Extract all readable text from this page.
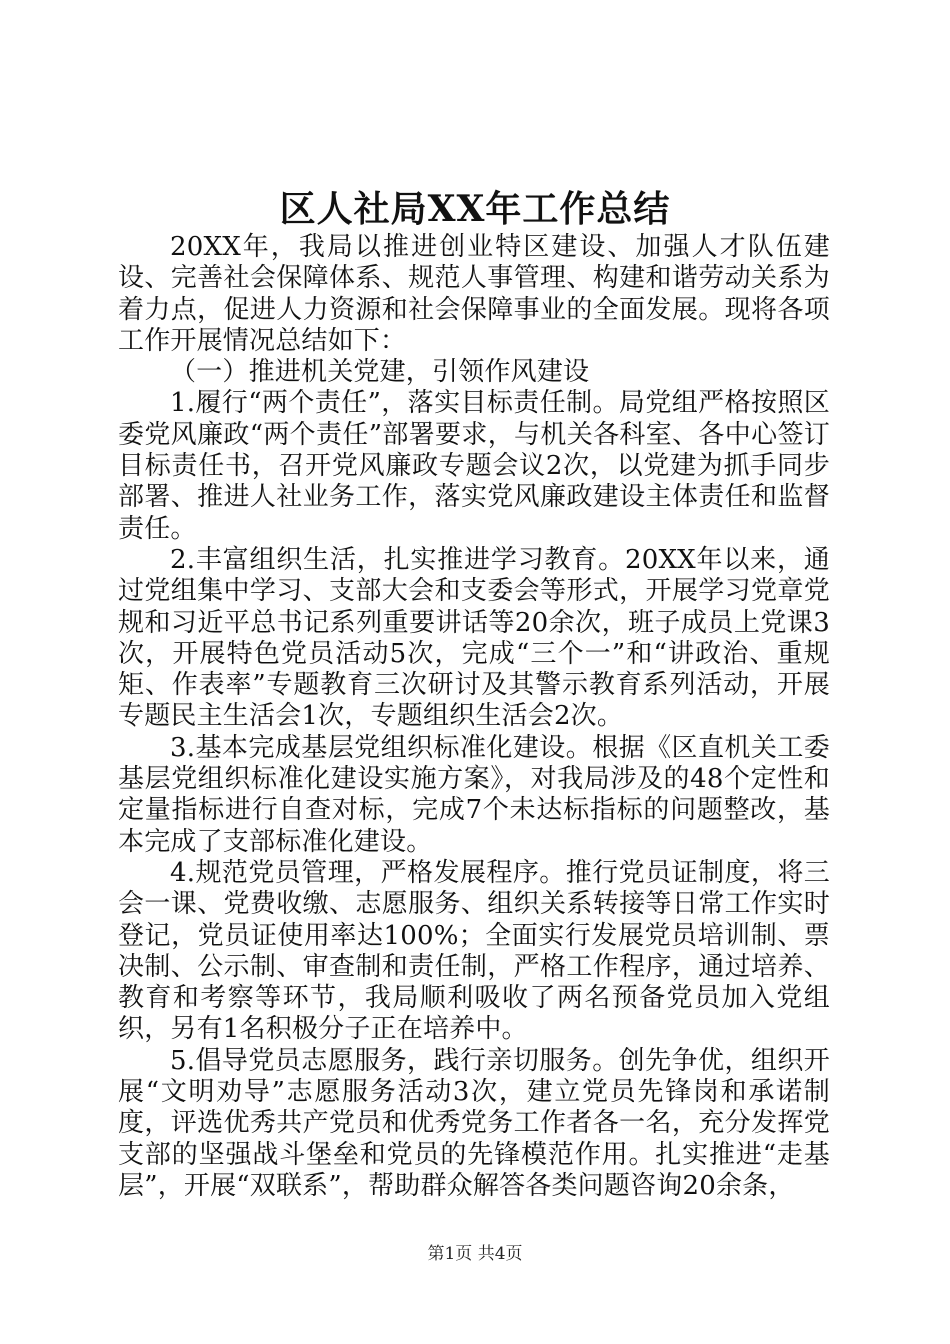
区人社局XX年工作总结

20XX年，我局以推进创业特区建设、加强人才队伍建设、完善社会保障体系、规范人事管理、构建和谐劳动关系为着力点，促进人力资源和社会保障事业的全面发展。现将各项工作开展情况总结如下：

（一）推进机关党建，引领作风建设

1.履行“两个责任”，落实目标责任制。局党组严格按照区委党风廉政“两个责任”部署要求，与机关各科室、各中心签订目标责任书，召开党风廉政专题会议2次，以党建为抓手同步部署、推进人社业务工作，落实党风廉政建设主体责任和监督责任。

2.丰富组织生活，扎实推进学习教育。20XX年以来，通过党组集中学习、支部大会和支委会等形式，开展学习党章党规和习近平总书记系列重要讲话等20余次，班子成员上党课3次，开展特色党员活动5次，完成“三个一”和“讲政治、重规矩、作表率”专题教育三次研讨及其警示教育系列活动，开展专题民主生活会1次，专题组织生活会2次。

3.基本完成基层党组织标准化建设。根据《区直机关工委基层党组织标准化建设实施方案》，对我局涉及的48个定性和定量指标进行自查对标，完成7个未达标指标的问题整改，基本完成了支部标准化建设。

4.规范党员管理，严格发展程序。推行党员证制度，将三会一课、党费收缴、志愿服务、组织关系转接等日常工作实时登记，党员证使用率达100%；全面实行发展党员培训制、票决制、公示制、审查制和责任制，严格工作程序，通过培养、教育和考察等环节，我局顺利吸收了两名预备党员加入党组织，另有1名积极分子正在培养中。

5.倡导党员志愿服务，践行亲切服务。创先争优，组织开展“文明劝导”志愿服务活动3次，建立党员先锋岗和承诺制度，评选优秀共产党员和优秀党务工作者各一名，充分发挥党支部的坚强战斗堡垒和党员的先锋模范作用。扎实推进“走基层”，开展“双联系”，帮助群众解答各类问题咨询20余条，

第1页 共4页
